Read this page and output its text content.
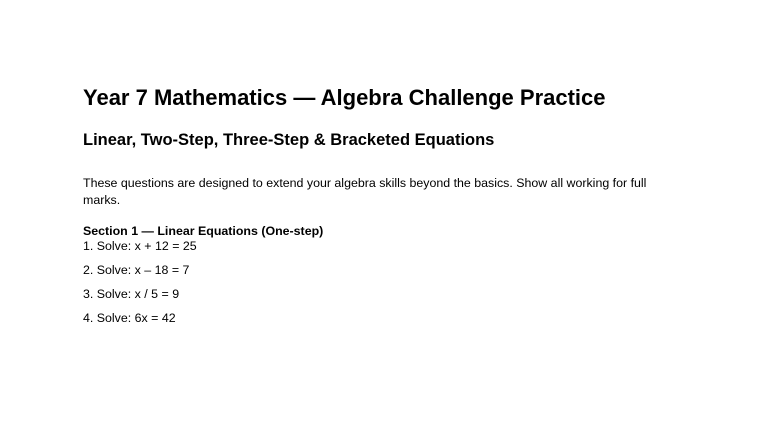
Year 7 Mathematics — Algebra Challenge Practice
Linear, Two-Step, Three-Step & Bracketed Equations

These questions are designed to extend your algebra skills beyond the basics. Show all working for full marks.

Section 1 — Linear Equations (One-step)

1. Solve: x + 12 = 25

2. Solve: x – 18 = 7

3. Solve: x / 5 = 9

4. Solve: 6x = 42
